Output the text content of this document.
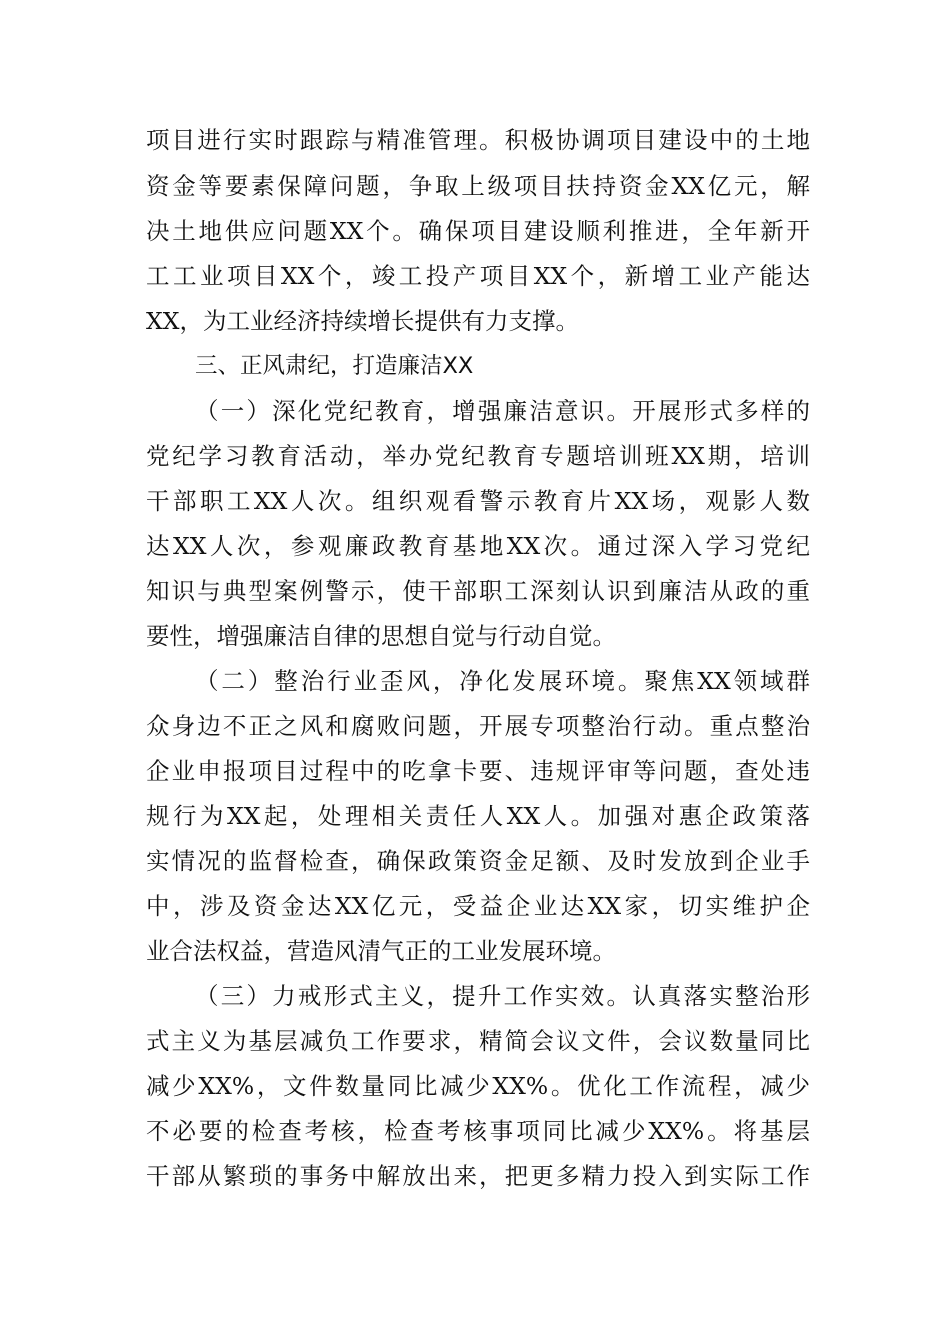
项目进行实时跟踪与精准管理。积极协调项目建设中的土地
资金等要素保障问题，争取上级项目扶持资金XX亿元，解
决土地供应问题XX个。确保项目建设顺利推进，全年新开
工工业项目XX个，竣工投产项目XX个，新增工业产能达
XX，为工业经济持续增长提供有力支撑。
三、正风肃纪，打造廉洁XX
（一）深化党纪教育，增强廉洁意识。开展形式多样的
党纪学习教育活动，举办党纪教育专题培训班XX期，培训
干部职工XX人次。组织观看警示教育片XX场，观影人数
达XX人次，参观廉政教育基地XX次。通过深入学习党纪
知识与典型案例警示，使干部职工深刻认识到廉洁从政的重
要性，增强廉洁自律的思想自觉与行动自觉。
（二）整治行业歪风，净化发展环境。聚焦XX领域群
众身边不正之风和腐败问题，开展专项整治行动。重点整治
企业申报项目过程中的吃拿卡要、违规评审等问题，查处违
规行为XX起，处理相关责任人XX人。加强对惠企政策落
实情况的监督检查，确保政策资金足额、及时发放到企业手
中，涉及资金达XX亿元，受益企业达XX家，切实维护企
业合法权益，营造风清气正的工业发展环境。
（三）力戒形式主义，提升工作实效。认真落实整治形
式主义为基层减负工作要求，精简会议文件，会议数量同比
减少XX%，文件数量同比减少XX%。优化工作流程，减少
不必要的检查考核，检查考核事项同比减少XX%。将基层
干部从繁琐的事务中解放出来，把更多精力投入到实际工作
